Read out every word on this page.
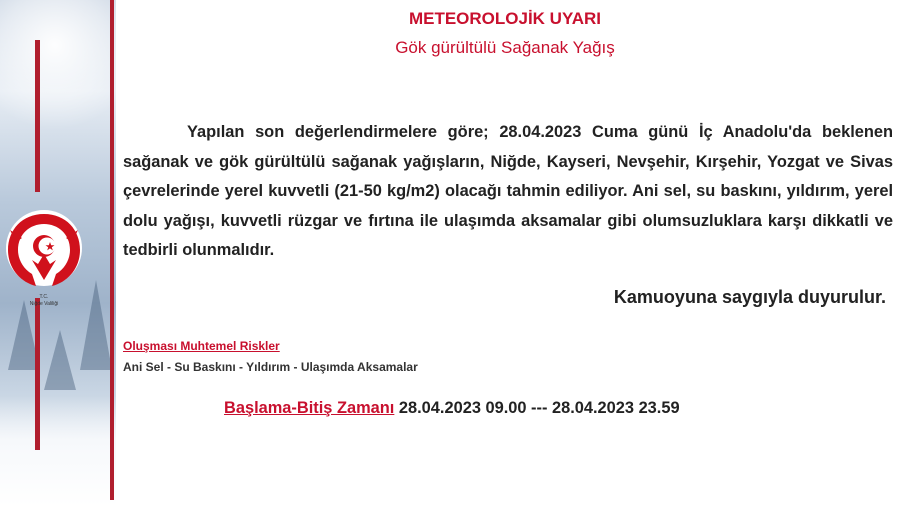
T.C.
Niğde Valiliği
METEOROLOJİK UYARI
Gök gürültülü Sağanak Yağış
Yapılan son değerlendirmelere göre; 28.04.2023 Cuma günü İç Anadolu'da beklenen sağanak ve gök gürültülü sağanak yağışların, Niğde, Kayseri, Nevşehir, Kırşehir, Yozgat ve Sivas çevrelerinde yerel kuvvetli (21-50 kg/m2) olacağı tahmin ediliyor. Ani sel, su baskını, yıldırım, yerel dolu yağışı, kuvvetli rüzgar ve fırtına ile ulaşımda aksamalar gibi olumsuzluklara karşı dikkatli ve tedbirli olunmalıdır.
Kamuoyuna saygıyla duyurulur.
Oluşması Muhtemel Riskler
Ani Sel - Su Baskını - Yıldırım - Ulaşımda Aksamalar
Başlama-Bitiş Zamanı 28.04.2023 09.00 --- 28.04.2023 23.59
